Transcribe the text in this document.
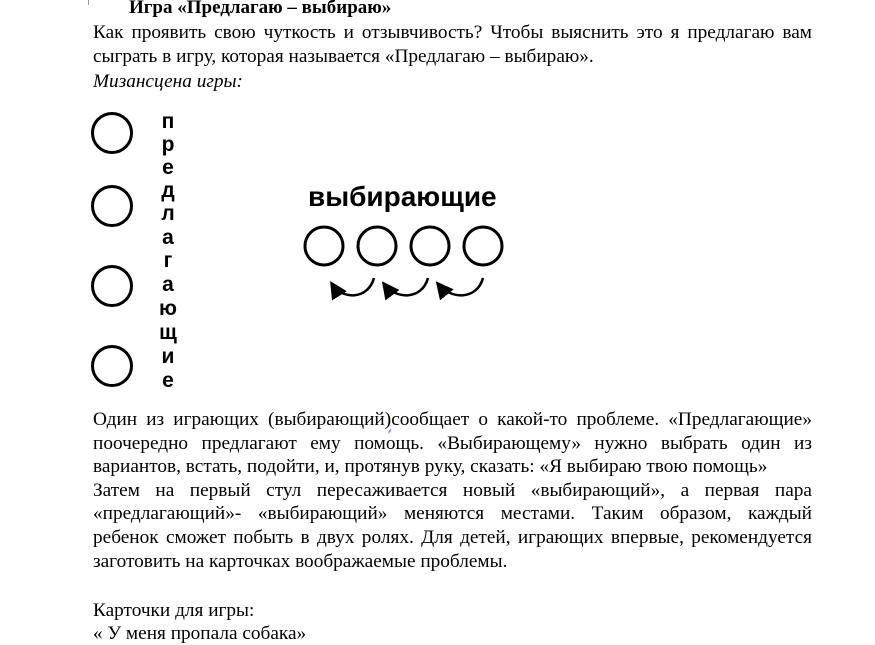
Игра «Предлагаю – выбираю»
Как проявить свою чуткость и отзывчивость? Чтобы выяснить это я предлагаю вам сыграть в игру, которая называется «Предлагаю – выбираю».
Мизансцена игры:
п
р
е
д
л
а
г
а
ю
щ
и
е
выбирающие

Один из играющих (выбирающий)сообщает о какой-то проблеме. «Предлагающие» поочередно предлагают ему помощь. «Выбирающему» нужно выбрать один из вариантов, встать, подойти, и, протянув руку, сказать: «Я выбираю твою помощь»

Затем на первый стул пересаживается новый «выбирающий», а первая пара «предлагающий»- «выбирающий» меняются местами. Таким образом, каждый ребенок сможет побыть в двух ролях. Для детей, играющих впервые, рекомендуется заготовить на карточках воображаемые проблемы.

Карточки для игры:
« У меня пропала собака»
